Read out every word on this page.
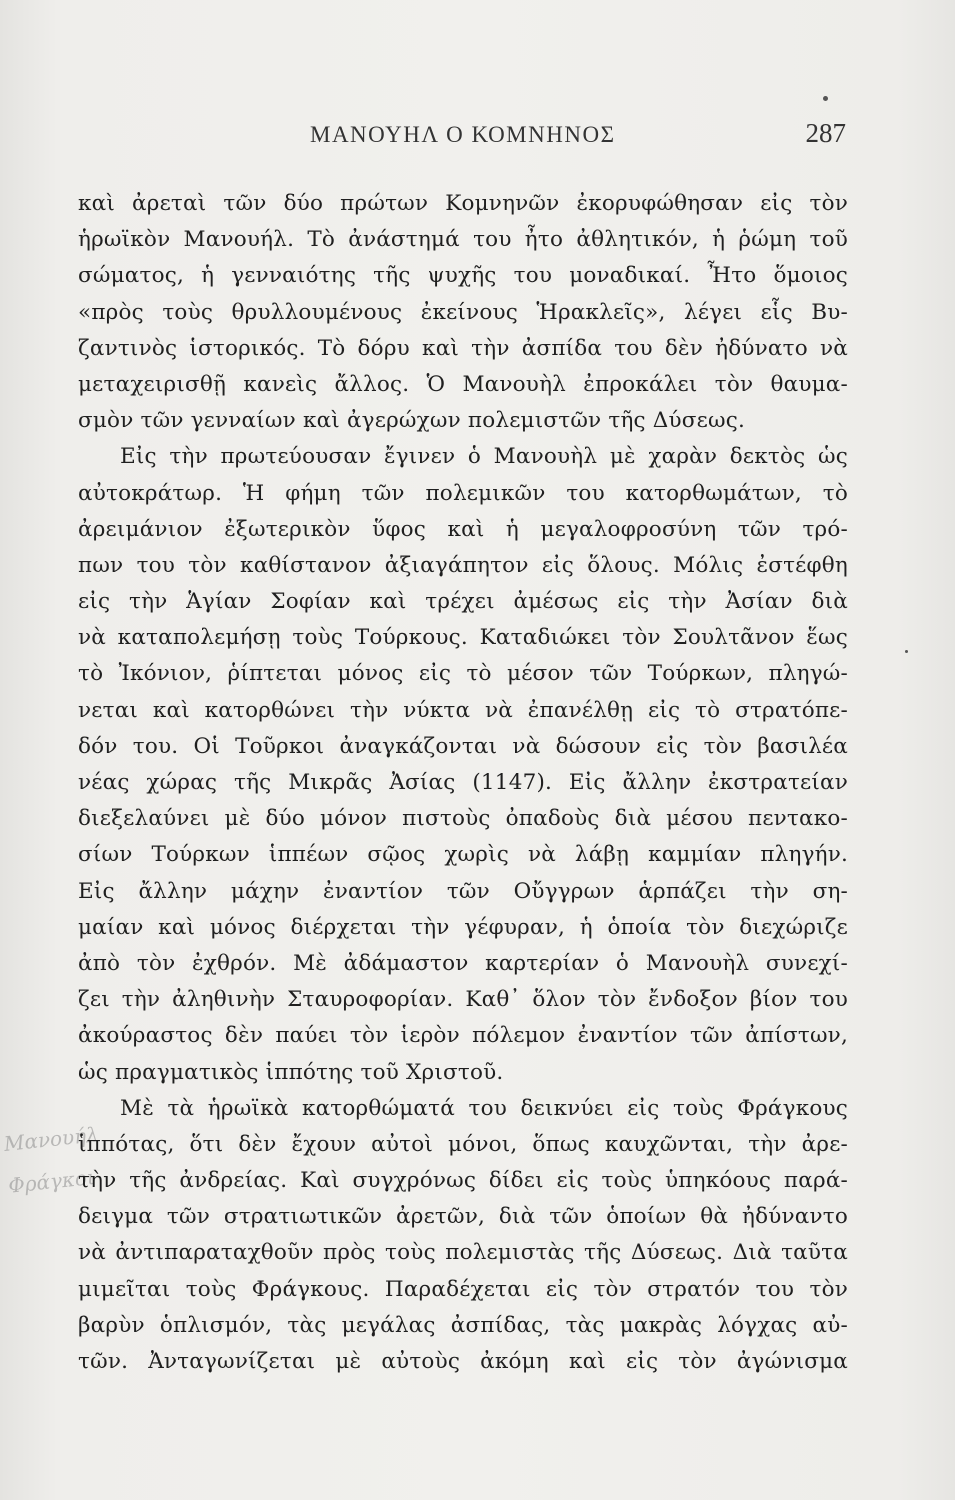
ΜΑΝΟΥΗΛ Ο ΚΟΜΝΗΝΟΣ	287
Μανουήλ
Φράγκοι
καὶ ἀρεταὶ τῶν δύο πρώτων Κομνηνῶν ἐκορυφώθησαν εἰς τὸν
ἡρωϊκὸν Μανουήλ. Τὸ ἀνάστημά του ἦτο ἀθλητικόν, ἡ ῥώμη τοῦ
σώματος, ἡ γενναιότης τῆς ψυχῆς του μοναδικαί. Ἦτο ὅμοιος
«πρὸς τοὺς θρυλλουμένους ἐκείνους Ἡρακλεῖς», λέγει εἷς Βυ-
ζαντινὸς ἱστορικός. Τὸ δόρυ καὶ τὴν ἀσπίδα του δὲν ἠδύνατο νὰ
μεταχειρισθῇ κανεὶς ἄλλος. Ὁ Μανουὴλ ἐπροκάλει τὸν θαυμα-
σμὸν τῶν γενναίων καὶ ἀγερώχων πολεμιστῶν τῆς Δύσεως.
Εἰς τὴν πρωτεύουσαν ἔγινεν ὁ Μανουὴλ μὲ χαρὰν δεκτὸς ὡς
αὐτοκράτωρ. Ἡ φήμη τῶν πολεμικῶν του κατορθωμάτων, τὸ
ἀρειμάνιον ἐξωτερικὸν ὕφος καὶ ἡ μεγαλοφροσύνη τῶν τρό-
πων του τὸν καθίστανον ἀξιαγάπητον εἰς ὅλους. Μόλις ἐστέφθη
εἰς τὴν Ἁγίαν Σοφίαν καὶ τρέχει ἀμέσως εἰς τὴν Ἀσίαν διὰ
νὰ καταπολεμήσῃ τοὺς Τούρκους. Καταδιώκει τὸν Σουλτᾶνον ἕως
τὸ Ἰκόνιον, ῥίπτεται μόνος εἰς τὸ μέσον τῶν Τούρκων, πληγώ-
νεται καὶ κατορθώνει τὴν νύκτα νὰ ἐπανέλθῃ εἰς τὸ στρατόπε-
δόν του. Οἱ Τοῦρκοι ἀναγκάζονται νὰ δώσουν εἰς τὸν βασιλέα
νέας χώρας τῆς Μικρᾶς Ἀσίας (1147). Εἰς ἄλλην ἐκστρατείαν
διεξελαύνει μὲ δύο μόνον πιστοὺς ὀπαδοὺς διὰ μέσου πεντακο-
σίων Τούρκων ἱππέων σῷος χωρὶς νὰ λάβῃ καμμίαν πληγήν.
Εἰς ἄλλην μάχην ἐναντίον τῶν Οὔγγρων ἁρπάζει τὴν ση-
μαίαν καὶ μόνος διέρχεται τὴν γέφυραν, ἡ ὁποία τὸν διεχώριζε
ἀπὸ τὸν ἐχθρόν. Μὲ ἀδάμαστον καρτερίαν ὁ Μανουὴλ συνεχί-
ζει τὴν ἀληθινὴν Σταυροφορίαν. Καθ᾽ ὅλον τὸν ἔνδοξον βίον του
ἀκούραστος δὲν παύει τὸν ἱερὸν πόλεμον ἐναντίον τῶν ἀπίστων,
ὡς πραγματικὸς ἱππότης τοῦ Χριστοῦ.
Μὲ τὰ ἡρωϊκὰ κατορθώματά του δεικνύει εἰς τοὺς Φράγκους
ἱππότας, ὅτι δὲν ἔχουν αὐτοὶ μόνοι, ὅπως καυχῶνται, τὴν ἀρε-
τὴν τῆς ἀνδρείας. Καὶ συγχρόνως δίδει εἰς τοὺς ὑπηκόους παρά-
δειγμα τῶν στρατιωτικῶν ἀρετῶν, διὰ τῶν ὁποίων θὰ ἠδύναντο
νὰ ἀντιπαραταχθοῦν πρὸς τοὺς πολεμιστὰς τῆς Δύσεως. Διὰ ταῦτα
μιμεῖται τοὺς Φράγκους. Παραδέχεται εἰς τὸν στρατόν του τὸν
βαρὺν ὁπλισμόν, τὰς μεγάλας ἀσπίδας, τὰς μακρὰς λόγχας αὐ-
τῶν. Ἀνταγωνίζεται μὲ αὐτοὺς ἀκόμη καὶ εἰς τὸν ἀγώνισμα
